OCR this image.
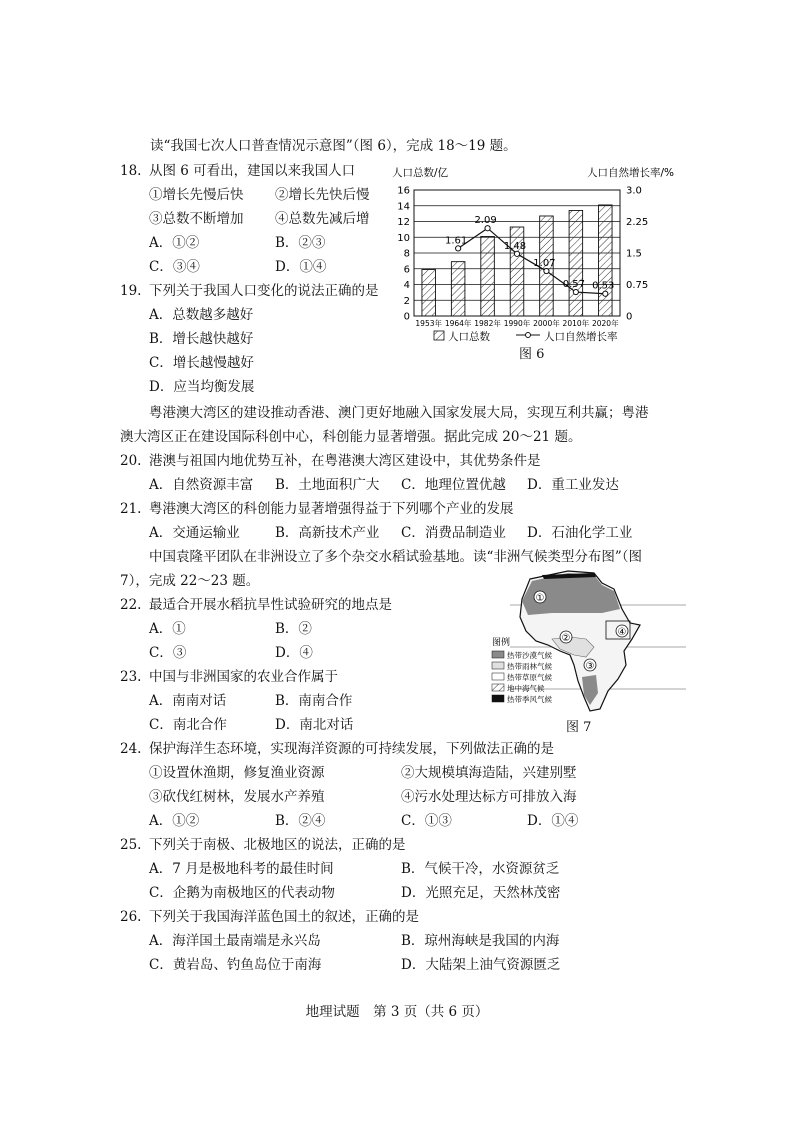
读“我国七次人口普查情况示意图”（图 6），完成 18～19 题。
18. 从图 6 可看出，建国以来我国人口
①增长先慢后快 ②增长先快后慢
③总数不断增加 ④总数先减后增
A．①②	B．②③
C．③④	D．①④
19. 下列关于我国人口变化的说法正确的是
A．总数越多越好
B．增长越快越好
C．增长越慢越好
D．应当均衡发展
人口总数/亿	人口自然增长率/%
1.61
2.09
1.48
1.07
0.57 0.53
0
2
4
6
8
10
12
14
16
0
0.75
1.5
2.25
3.0
1953年 1964年 1982年 1990年 2000年 2010年 2020年
人口总数	人口自然增长率
图 6
粤港澳大湾区的建设推动香港、澳门更好地融入国家发展大局，实现互利共赢；粤港
澳大湾区正在建设国际科创中心，科创能力显著增强。据此完成 20～21 题。
20. 港澳与祖国内地优势互补，在粤港澳大湾区建设中，其优势条件是
A．自然资源丰富 B．土地面积广大 C．地理位置优越 D．重工业发达
21. 粤港澳大湾区的科创能力显著增强得益于下列哪个产业的发展
A．交通运输业	B．高新技术产业 C．消费品制造业 D．石油化学工业
中国袁隆平团队在非洲设立了多个杂交水稻试验基地。读“非洲气候类型分布图”（图
7），完成 22～23 题。
22. 最适合开展水稻抗旱性试验研究的地点是
A．①	B．②
C．③	D．④
23. 中国与非洲国家的农业合作属于
A．南南对话	B．南南合作
C．南北合作	D．南北对话
①
②
③
④
图例
热带沙漠气候
热带雨林气候
热带草原气候
地中海气候
热带季风气候
图 7
24. 保护海洋生态环境，实现海洋资源的可持续发展，下列做法正确的是
①设置休渔期，修复渔业资源	②大规模填海造陆，兴建别墅
③砍伐红树林，发展水产养殖	④污水处理达标方可排放入海
A．①②	B．②④	C．①③	D．①④
25. 下列关于南极、北极地区的说法，正确的是
A．7 月是极地科考的最佳时间	B．气候干冷，水资源贫乏
C．企鹅为南极地区的代表动物	D．光照充足，天然林茂密
26. 下列关于我国海洋蓝色国土的叙述，正确的是
A．海洋国土最南端是永兴岛	B．琼州海峡是我国的内海
C．黄岩岛、钓鱼岛位于南海	D．大陆架上油气资源匮乏
地理试题　第 3 页（共 6 页）
